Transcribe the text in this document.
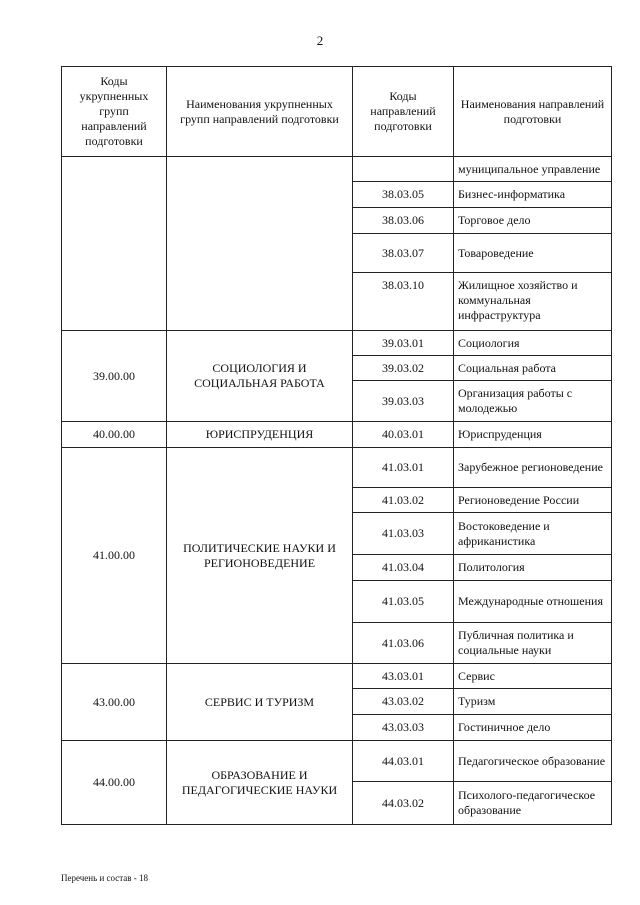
2
Коды укрупненных групп направлений подготовки	Наименования укрупненных групп направлений подготовки	Коды направлений подготовки	Наименования направлений подготовки
			муниципальное управление
		38.03.05	Бизнес-информатика
		38.03.06	Торговое дело
		38.03.07	Товароведение
		38.03.10	Жилищное хозяйство и коммунальная инфраструктура
39.00.00	СОЦИОЛОГИЯ И СОЦИАЛЬНАЯ РАБОТА	39.03.01	Социология
		39.03.02	Социальная работа
		39.03.03	Организация работы с молодежью
40.00.00	ЮРИСПРУДЕНЦИЯ	40.03.01	Юриспруденция
41.00.00	ПОЛИТИЧЕСКИЕ НАУКИ И РЕГИОНОВЕДЕНИЕ	41.03.01	Зарубежное регионоведение
		41.03.02	Регионоведение России
		41.03.03	Востоковедение и африканистика
		41.03.04	Политология
		41.03.05	Международные отношения
		41.03.06	Публичная политика и социальные науки
43.00.00	СЕРВИС И ТУРИЗМ	43.03.01	Сервис
		43.03.02	Туризм
		43.03.03	Гостиничное дело
44.00.00	ОБРАЗОВАНИЕ И ПЕДАГОГИЧЕСКИЕ НАУКИ	44.03.01	Педагогическое образование
		44.03.02	Психолого-педагогическое образование
Перечень и состав - 18
